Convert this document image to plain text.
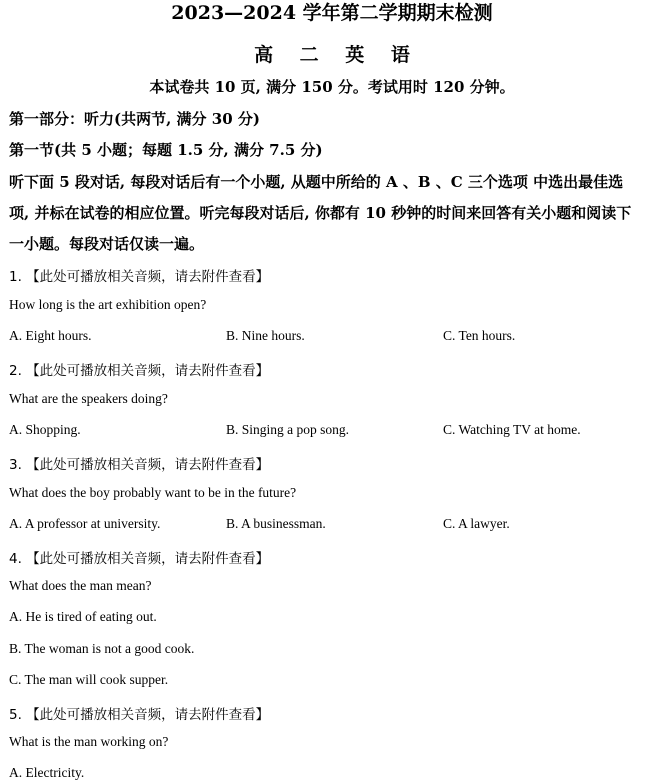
2023—2024 学年第二学期期末检测
高 二 英 语
本试卷共 10 页, 满分 150 分。考试用时 120 分钟。
第一部分：听力(共两节, 满分 30 分)
第一节(共 5 小题；每题 1.5 分, 满分 7.5 分)
听下面 5 段对话, 每段对话后有一个小题, 从题中所给的 A 、B 、C 三个选项 中选出最佳选
项, 并标在试卷的相应位置。听完每段对话后, 你都有 10 秒钟的时间来回答有关小题和阅读下
一小题。每段对话仅读一遍。
1. 【此处可播放相关音频，请去附件查看】
How long is the art exhibition open?
A. Eight hours.	B. Nine hours.	C. Ten hours.
2. 【此处可播放相关音频，请去附件查看】
What are the speakers doing?
A. Shopping.	B. Singing a pop song.	C. Watching TV at home.
3. 【此处可播放相关音频，请去附件查看】
What does the boy probably want to be in the future?
A. A professor at university.	B. A businessman.	C. A lawyer.
4. 【此处可播放相关音频，请去附件查看】
What does the man mean?
A. He is tired of eating out.
B. The woman is not a good cook.
C. The man will cook supper.
5. 【此处可播放相关音频，请去附件查看】
What is the man working on?
A. Electricity.
